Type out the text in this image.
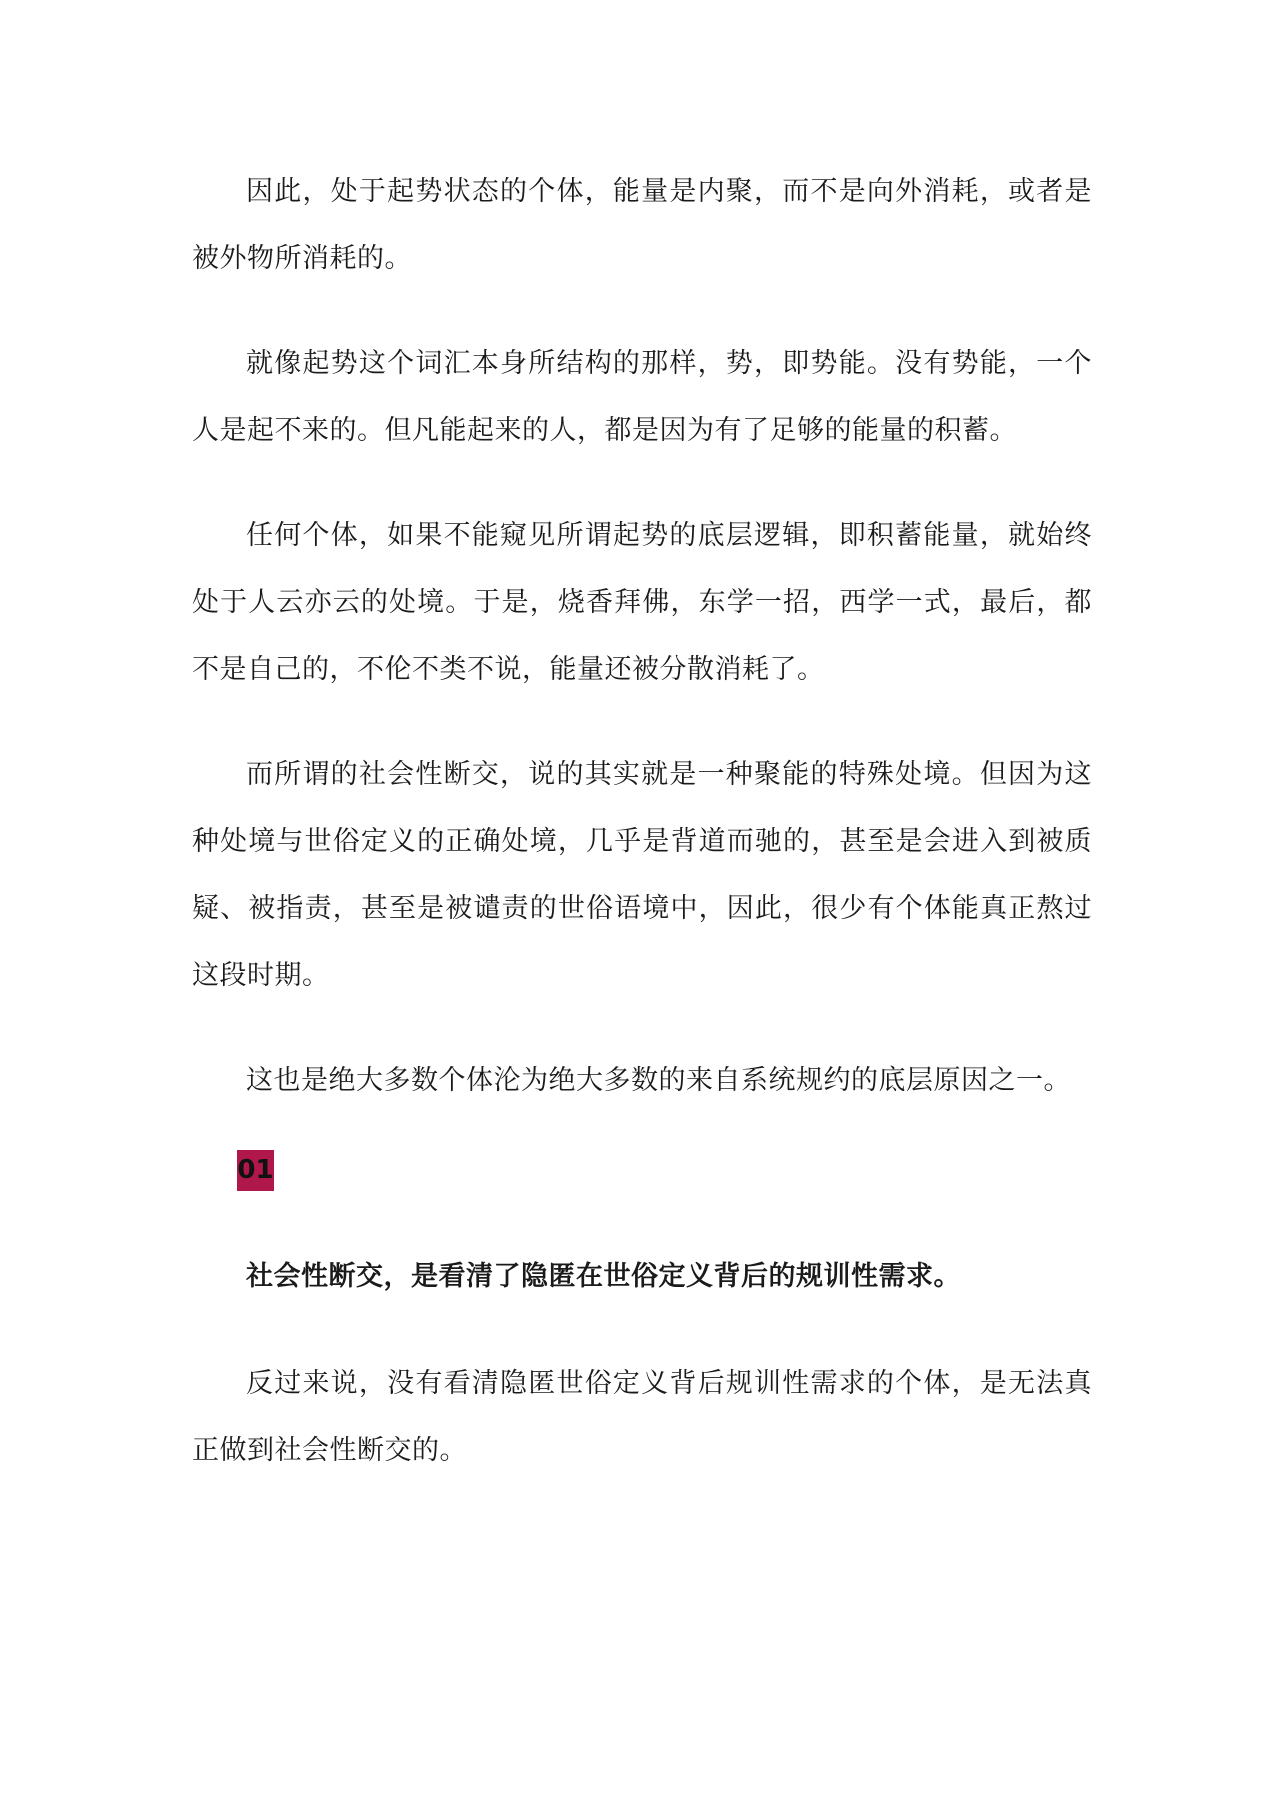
因此，处于起势状态的个体，能量是内聚，而不是向外消耗，或者是被外物所消耗的。

就像起势这个词汇本身所结构的那样，势，即势能。没有势能，一个人是起不来的。但凡能起来的人，都是因为有了足够的能量的积蓄。

任何个体，如果不能窥见所谓起势的底层逻辑，即积蓄能量，就始终处于人云亦云的处境。于是，烧香拜佛，东学一招，西学一式，最后，都不是自己的，不伦不类不说，能量还被分散消耗了。

而所谓的社会性断交，说的其实就是一种聚能的特殊处境。但因为这种处境与世俗定义的正确处境，几乎是背道而驰的，甚至是会进入到被质疑、被指责，甚至是被谴责的世俗语境中，因此，很少有个体能真正熬过这段时期。

这也是绝大多数个体沦为绝大多数的来自系统规约的底层原因之一。

01

社会性断交，是看清了隐匿在世俗定义背后的规训性需求。

反过来说，没有看清隐匿世俗定义背后规训性需求的个体，是无法真正做到社会性断交的。
